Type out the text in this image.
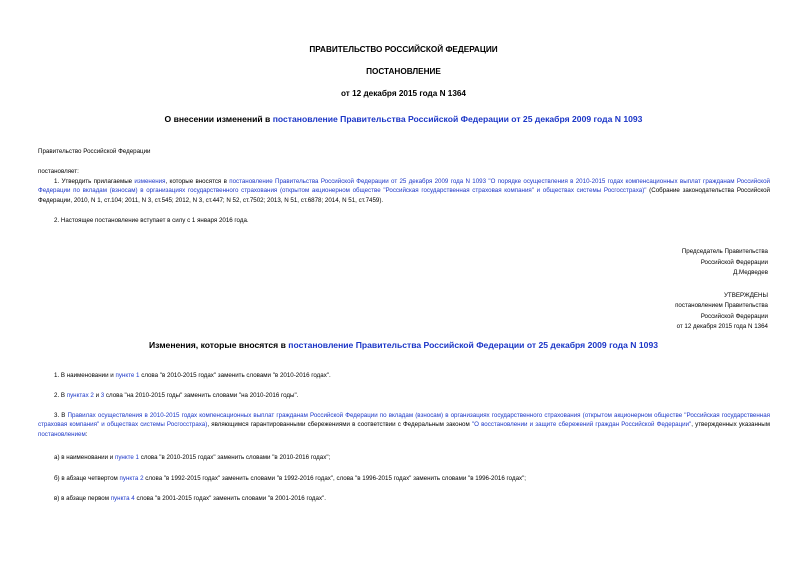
ПРАВИТЕЛЬСТВО РОССИЙСКОЙ ФЕДЕРАЦИИ
ПОСТАНОВЛЕНИЕ
от 12 декабря 2015 года N 1364
О внесении изменений в постановление Правительства Российской Федерации от 25 декабря 2009 года N 1093
Правительство Российской Федерации
постановляет:
1. Утвердить прилагаемые изменения, которые вносятся в постановление Правительства Российской Федерации от 25 декабря 2009 года N 1093 "О порядке осуществления в 2010-2015 годах компенсационных выплат гражданам Российской Федерации по вкладам (взносам) в организациях государственного страхования (открытом акционерном обществе "Российская государственная страховая компания" и обществах системы Росгосстраха)" (Собрание законодательства Российской Федерации, 2010, N 1, ст.104; 2011, N 3, ст.545; 2012, N 3, ст.447; N 52, ст.7502; 2013, N 51, ст.6878; 2014, N 51, ст.7459).
2. Настоящее постановление вступает в силу с 1 января 2016 года.
Председатель Правительства
Российской Федерации
Д.Медведев
УТВЕРЖДЕНЫ
постановлением Правительства
Российской Федерации
от 12 декабря 2015 года N 1364
Изменения, которые вносятся в постановление Правительства Российской Федерации от 25 декабря 2009 года N 1093
1. В наименовании и пункте 1 слова "в 2010-2015 годах" заменить словами "в 2010-2016 годах".
2. В пунктах 2 и 3 слова "на 2010-2015 годы" заменить словами "на 2010-2016 годы".
3. В Правилах осуществления в 2010-2015 годах компенсационных выплат гражданам Российской Федерации по вкладам (взносам) в организациях государственного страхования (открытом акционерном обществе "Российская государственная страховая компания" и обществах системы Росгосстраха), являющимся гарантированными сбережениями в соответствии с Федеральным законом "О восстановлении и защите сбережений граждан Российской Федерации", утвержденных указанным постановлением:
а) в наименовании и пункте 1 слова "в 2010-2015 годах" заменить словами "в 2010-2016 годах";
б) в абзаце четвертом пункта 2 слова "в 1992-2015 годах" заменить словами "в 1992-2016 годах", слова "в 1996-2015 годах" заменить словами "в 1996-2016 годах";
в) в абзаце первом пункта 4 слова "в 2001-2015 годах" заменить словами "в 2001-2016 годах".
